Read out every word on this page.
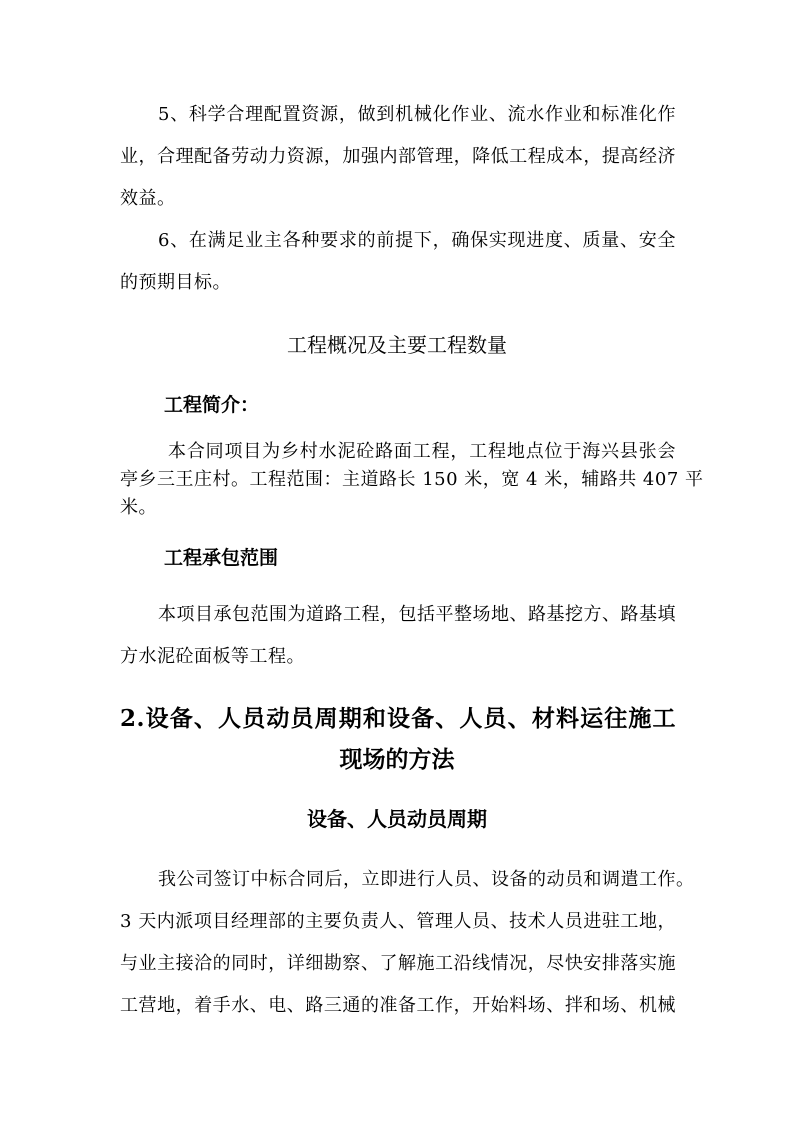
5、科学合理配置资源，做到机械化作业、流水作业和标准化作
业，合理配备劳动力资源，加强内部管理，降低工程成本，提高经济
效益。
6、在满足业主各种要求的前提下，确保实现进度、质量、安全
的预期目标。
工程概况及主要工程数量
工程简介：
本合同项目为乡村水泥砼路面工程，工程地点位于海兴县张会
亭乡三王庄村。工程范围：主道路长 150 米，宽 4 米，辅路共 407 平
米。
工程承包范围
本项目承包范围为道路工程，包括平整场地、路基挖方、路基填
方水泥砼面板等工程。
2.设备、人员动员周期和设备、人员、材料运往施工
现场的方法
设备、人员动员周期
我公司签订中标合同后，立即进行人员、设备的动员和调遣工作。
3 天内派项目经理部的主要负责人、管理人员、技术人员进驻工地，
与业主接洽的同时，详细勘察、了解施工沿线情况，尽快安排落实施
工营地，着手水、电、路三通的准备工作，开始料场、拌和场、机械
